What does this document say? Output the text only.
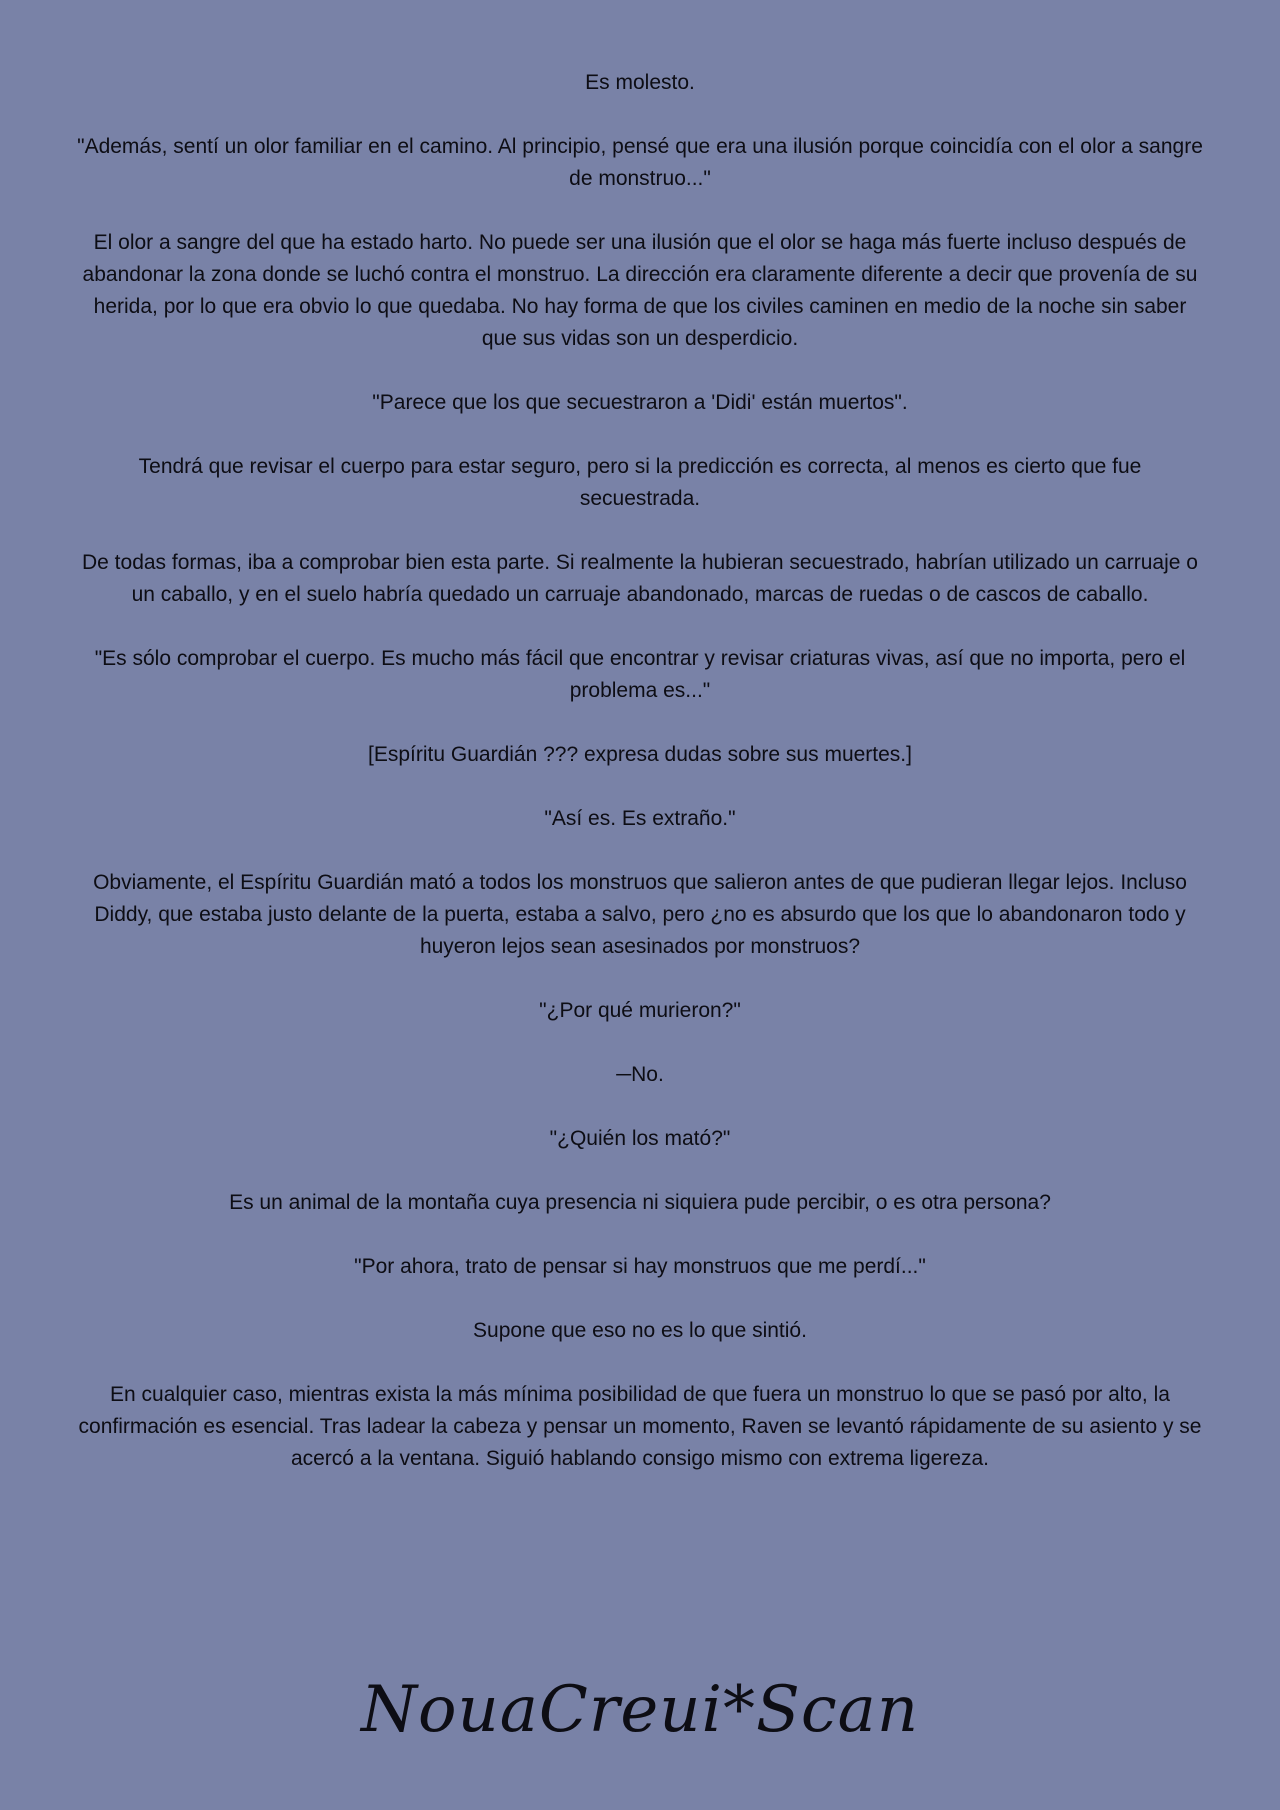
Es molesto.

"Además, sentí un olor familiar en el camino. Al principio, pensé que era una ilusión porque coincidía con el olor a sangre de monstruo..."

El olor a sangre del que ha estado harto. No puede ser una ilusión que el olor se haga más fuerte incluso después de abandonar la zona donde se luchó contra el monstruo. La dirección era claramente diferente a decir que provenía de su herida, por lo que era obvio lo que quedaba. No hay forma de que los civiles caminen en medio de la noche sin saber que sus vidas son un desperdicio.

"Parece que los que secuestraron a 'Didi' están muertos".

Tendrá que revisar el cuerpo para estar seguro, pero si la predicción es correcta, al menos es cierto que fue secuestrada.

De todas formas, iba a comprobar bien esta parte. Si realmente la hubieran secuestrado, habrían utilizado un carruaje o un caballo, y en el suelo habría quedado un carruaje abandonado, marcas de ruedas o de cascos de caballo.

"Es sólo comprobar el cuerpo. Es mucho más fácil que encontrar y revisar criaturas vivas, así que no importa, pero el problema es..."

[Espíritu Guardián ??? expresa dudas sobre sus muertes.]

"Así es. Es extraño."

Obviamente, el Espíritu Guardián mató a todos los monstruos que salieron antes de que pudieran llegar lejos. Incluso Diddy, que estaba justo delante de la puerta, estaba a salvo, pero ¿no es absurdo que los que lo abandonaron todo y huyeron lejos sean asesinados por monstruos?

"¿Por qué murieron?"

─No.

"¿Quién los mató?"

Es un animal de la montaña cuya presencia ni siquiera pude percibir, o es otra persona?

"Por ahora, trato de pensar si hay monstruos que me perdí..."

Supone que eso no es lo que sintió.

En cualquier caso, mientras exista la más mínima posibilidad de que fuera un monstruo lo que se pasó por alto, la confirmación es esencial. Tras ladear la cabeza y pensar un momento, Raven se levantó rápidamente de su asiento y se acercó a la ventana. Siguió hablando consigo mismo con extrema ligereza.

NouaCreui*Scan
